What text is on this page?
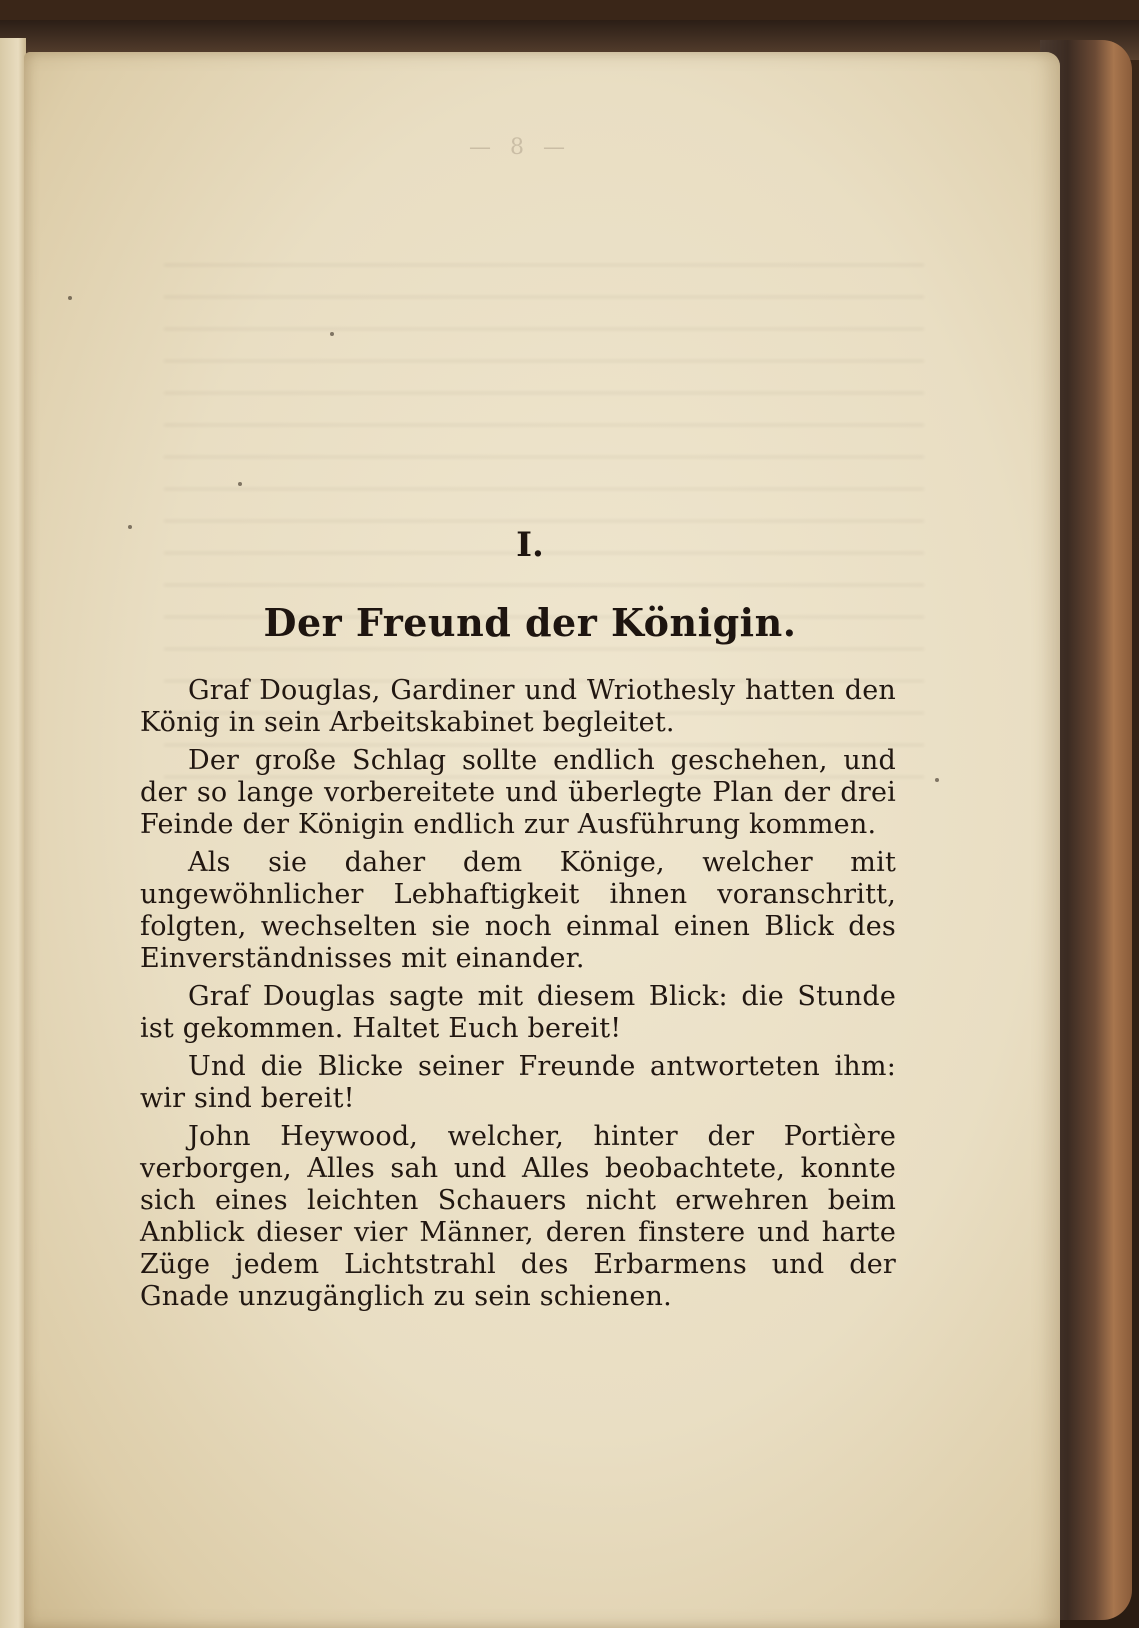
— 8 —
I.
Der Freund der Königin.

Graf Douglas, Gardiner und Wriothesly hatten den König in sein Arbeitskabinet begleitet.

Der große Schlag sollte endlich geschehen, und der so lange vorbereitete und überlegte Plan der drei Feinde der Königin endlich zur Ausführung kommen.

Als sie daher dem Könige, welcher mit ungewöhnlicher Lebhaftigkeit ihnen voranschritt, folgten, wechselten sie noch einmal einen Blick des Einverständnisses mit einander.

Graf Douglas sagte mit diesem Blick: die Stunde ist gekommen. Haltet Euch bereit!

Und die Blicke seiner Freunde antworteten ihm: wir sind bereit!

John Heywood, welcher, hinter der Portière verborgen, Alles sah und Alles beobachtete, konnte sich eines leichten Schauers nicht erwehren beim Anblick dieser vier Männer, deren finstere und harte Züge jedem Lichtstrahl des Erbarmens und der Gnade unzugänglich zu sein schienen.
